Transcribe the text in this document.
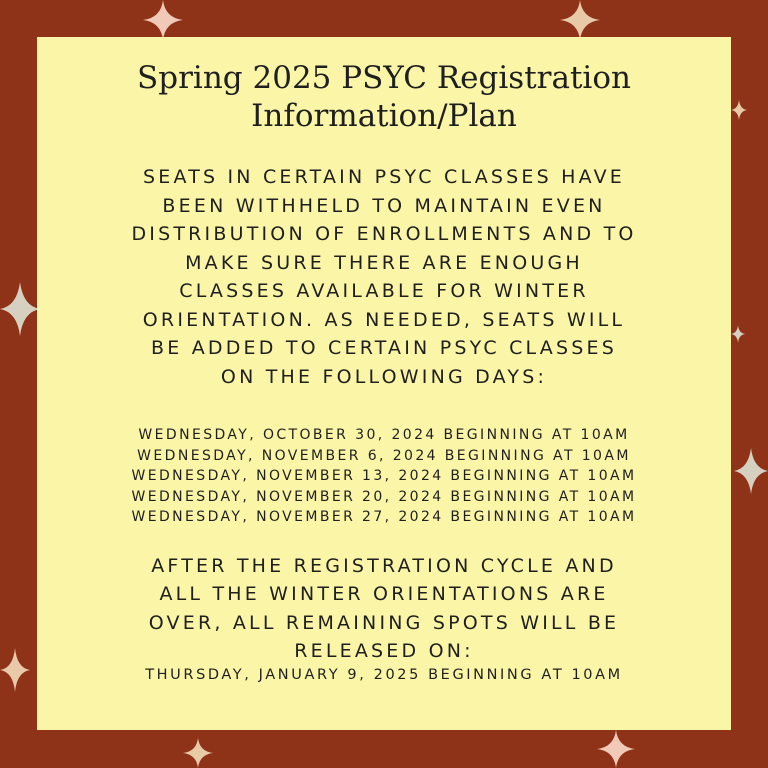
Spring 2025 PSYC Registration
Information/Plan
SEATS IN CERTAIN PSYC CLASSES HAVE
BEEN WITHHELD TO MAINTAIN EVEN
DISTRIBUTION OF ENROLLMENTS AND TO
MAKE SURE THERE ARE ENOUGH
CLASSES AVAILABLE FOR WINTER
ORIENTATION. AS NEEDED, SEATS WILL
BE ADDED TO CERTAIN PSYC CLASSES
ON THE FOLLOWING DAYS:
WEDNESDAY, OCTOBER 30, 2024 BEGINNING AT 10AM
WEDNESDAY, NOVEMBER 6, 2024 BEGINNING AT 10AM
WEDNESDAY, NOVEMBER 13, 2024 BEGINNING AT 10AM
WEDNESDAY, NOVEMBER 20, 2024 BEGINNING AT 10AM
WEDNESDAY, NOVEMBER 27, 2024 BEGINNING AT 10AM
AFTER THE REGISTRATION CYCLE AND
ALL THE WINTER ORIENTATIONS ARE
OVER, ALL REMAINING SPOTS WILL BE
RELEASED ON:
THURSDAY, JANUARY 9, 2025 BEGINNING AT 10AM
